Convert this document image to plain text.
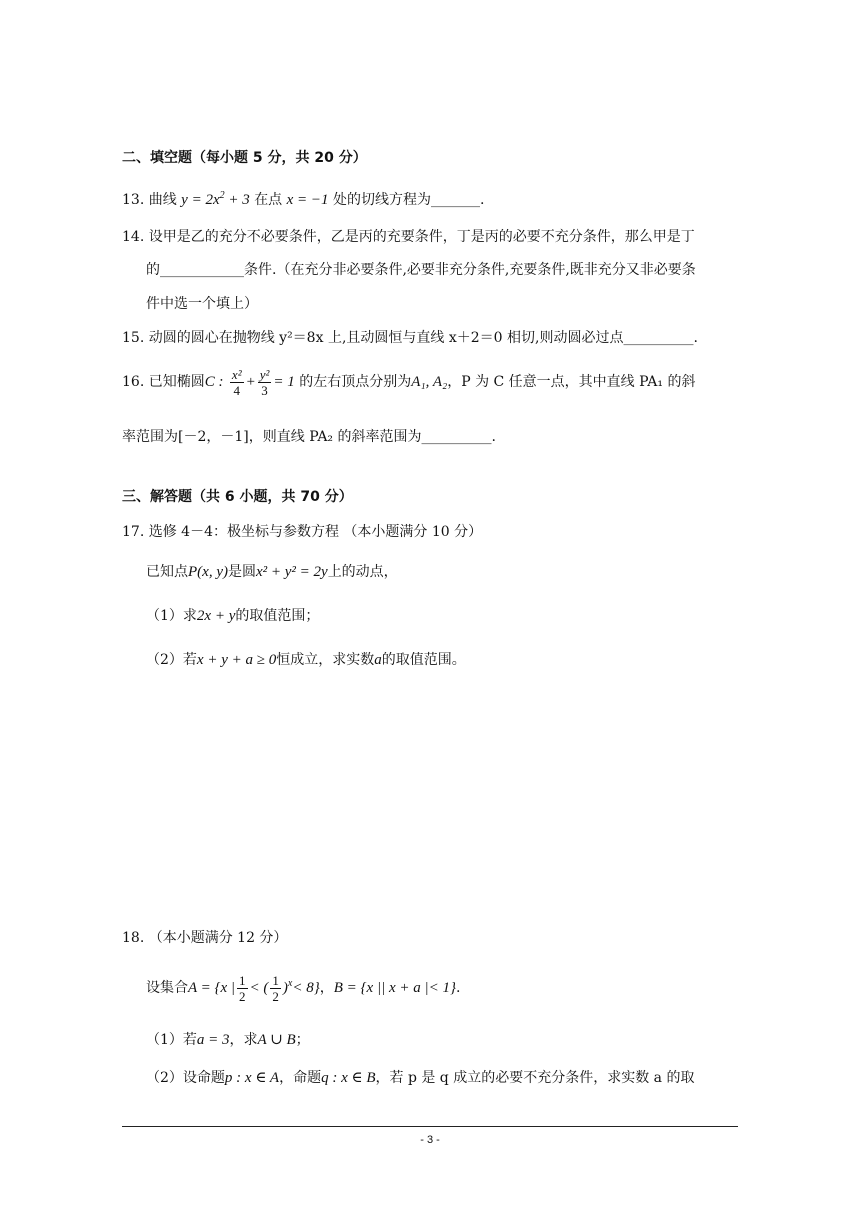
二、填空题（每小题 5 分，共 20 分）
13. 曲线 $y = 2x^2 + 3$ 在点 x = −1 处的切线方程为_______.
14. 设甲是乙的充分不必要条件，乙是丙的充要条件，丁是丙的必要不充分条件，那么甲是丁
的____________条件.（在充分非必要条件,必要非充分条件,充要条件,既非充分又非必要条
件中选一个填上）
15. 动圆的圆心在抛物线 y²＝8x 上,且动圆恒与直线 x＋2＝0 相切,则动圆必过点__________.
16. 已知椭圆C : $\frac{\text{x²}}{4} + \frac{\text{y²}}{3} = 1$ 的左右顶点分别为A₁, A₂，P 为 C 任意一点，其中直线 PA₁ 的斜
率范围为[－2，－1]，则直线 PA₂ 的斜率范围为__________.
三、解答题（共 6 小题，共 70 分）
17. 选修 4－4：极坐标与参数方程 （本小题满分 10 分）
已知点P(x, y)是圆x² + y² = 2y上的动点，
（1）求2x + y的取值范围；
（2）若x + y + a ≥ 0恒成立，求实数a的取值范围。
18. （本小题满分 12 分）
设集合A = {x | $\frac{1}{2}$ < ( $\frac{1}{2} )^x< 8$}，B = {x || x + a |< 1}.
（1）若a = 3，求A ∪ B；
（2）设命题p : x ∈ A，命题q : x ∈ B，若 p 是 q 成立的必要不充分条件，求实数 a 的取
- 3 -
